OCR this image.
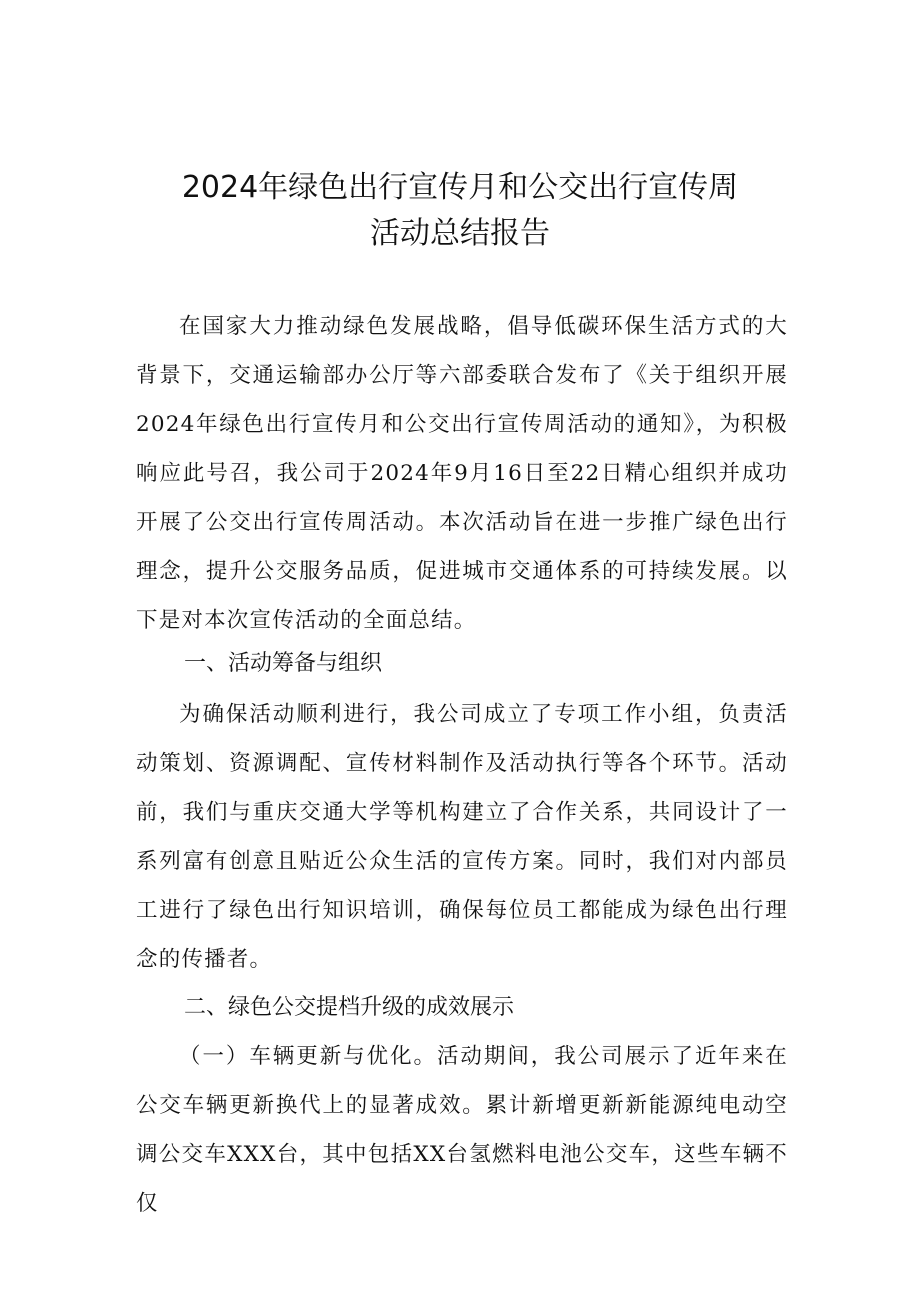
2024年绿色出行宣传月和公交出行宣传周
活动总结报告

在国家大力推动绿色发展战略，倡导低碳环保生活方式的大背景下，交通运输部办公厅等六部委联合发布了《关于组织开展2024年绿色出行宣传月和公交出行宣传周活动的通知》，为积极响应此号召，我公司于2024年9月16日至22日精心组织并成功开展了公交出行宣传周活动。本次活动旨在进一步推广绿色出行理念，提升公交服务品质，促进城市交通体系的可持续发展。以下是对本次宣传活动的全面总结。

一、活动筹备与组织

为确保活动顺利进行，我公司成立了专项工作小组，负责活动策划、资源调配、宣传材料制作及活动执行等各个环节。活动前，我们与重庆交通大学等机构建立了合作关系，共同设计了一系列富有创意且贴近公众生活的宣传方案。同时，我们对内部员工进行了绿色出行知识培训，确保每位员工都能成为绿色出行理念的传播者。

二、绿色公交提档升级的成效展示

（一）车辆更新与优化。活动期间，我公司展示了近年来在公交车辆更新换代上的显著成效。累计新增更新新能源纯电动空调公交车XXX台，其中包括XX台氢燃料电池公交车，这些车辆不仅
